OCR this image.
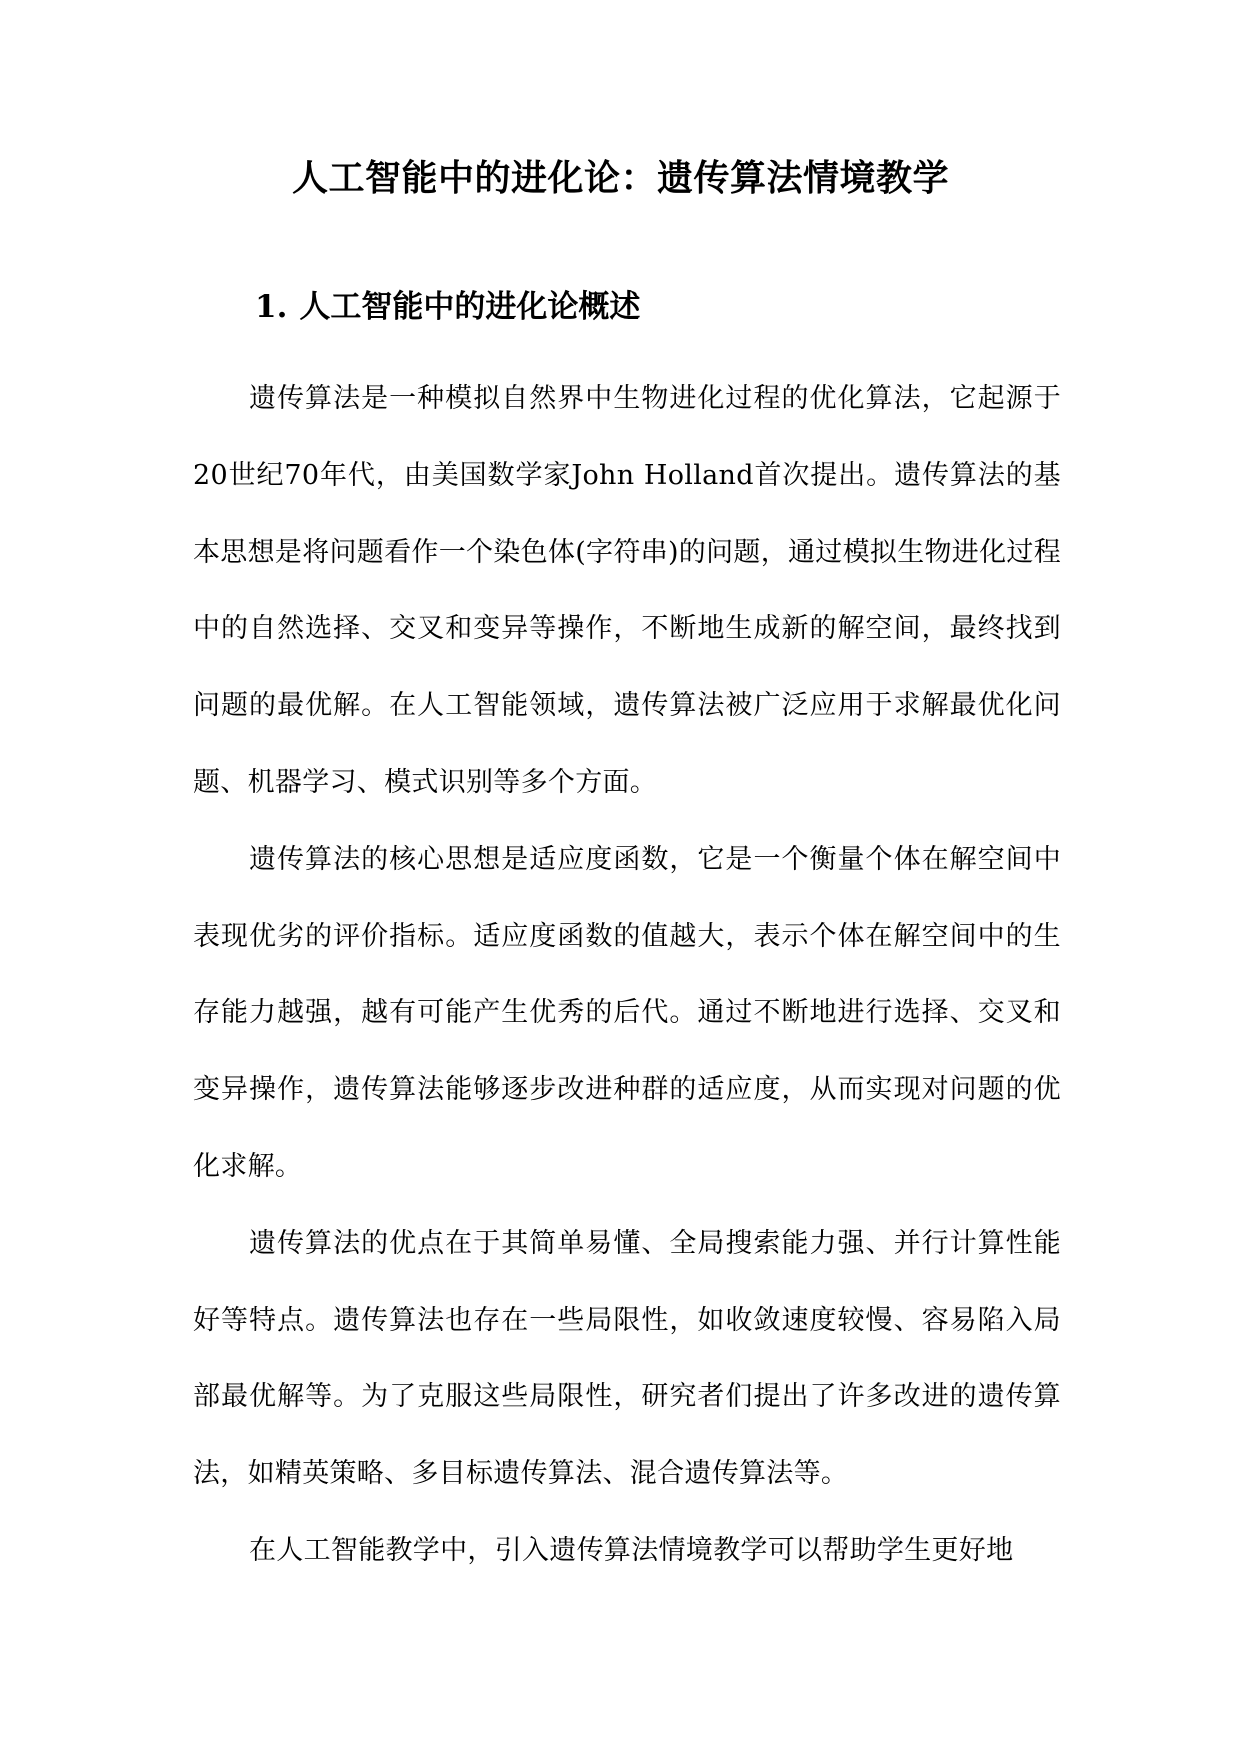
人工智能中的进化论：遗传算法情境教学
1. 人工智能中的进化论概述

遗传算法是一种模拟自然界中生物进化过程的优化算法，它起源于20世纪70年代，由美国数学家John Holland首次提出。遗传算法的基本思想是将问题看作一个染色体(字符串)的问题，通过模拟生物进化过程中的自然选择、交叉和变异等操作，不断地生成新的解空间，最终找到问题的最优解。在人工智能领域，遗传算法被广泛应用于求解最优化问题、机器学习、模式识别等多个方面。

遗传算法的核心思想是适应度函数，它是一个衡量个体在解空间中表现优劣的评价指标。适应度函数的值越大，表示个体在解空间中的生存能力越强，越有可能产生优秀的后代。通过不断地进行选择、交叉和变异操作，遗传算法能够逐步改进种群的适应度，从而实现对问题的优化求解。

遗传算法的优点在于其简单易懂、全局搜索能力强、并行计算性能好等特点。遗传算法也存在一些局限性，如收敛速度较慢、容易陷入局部最优解等。为了克服这些局限性，研究者们提出了许多改进的遗传算法，如精英策略、多目标遗传算法、混合遗传算法等。

在人工智能教学中，引入遗传算法情境教学可以帮助学生更好地
